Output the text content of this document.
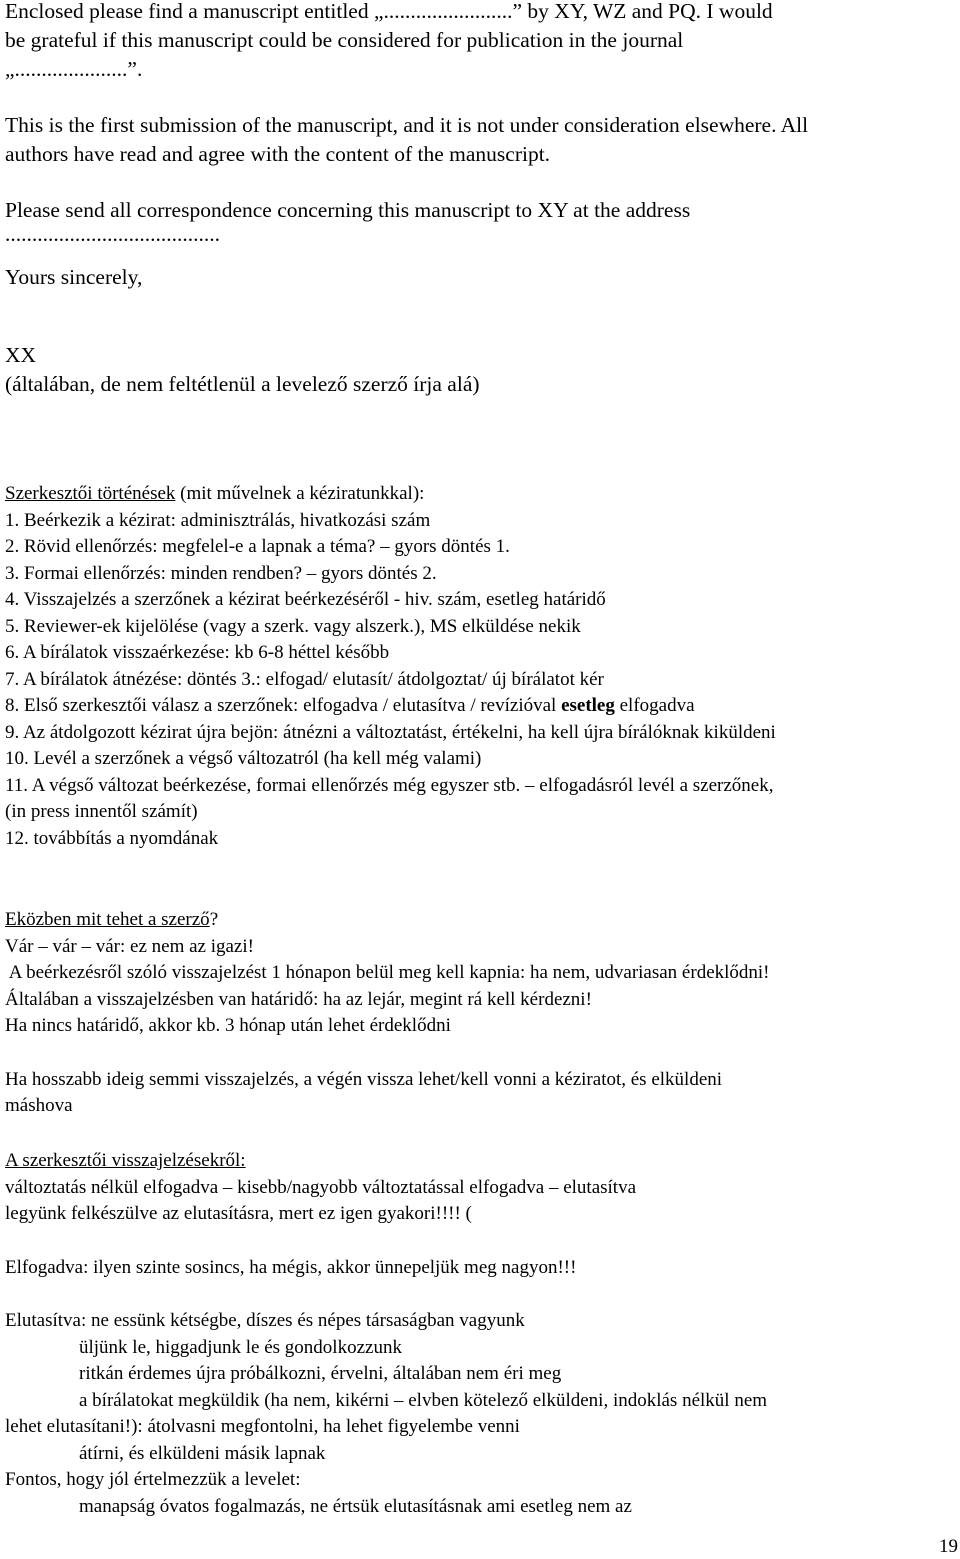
Enclosed please find a manuscript entitled „........................” by XY, WZ and PQ. I would

be grateful if this manuscript could be considered for publication in the journal

„.....................”.

This is the first submission of the manuscript, and it is not under consideration elsewhere. All

authors have read and agree with the content of the manuscript.

Please send all correspondence concerning this manuscript to XY at the address

........................................

Yours sincerely,

XX

(általában, de nem feltétlenül a levelező szerző írja alá)

Szerkesztői történések (mit művelnek a kéziratunkkal):

1. Beérkezik a kézirat: adminisztrálás, hivatkozási szám

2. Rövid ellenőrzés: megfelel-e a lapnak a téma? – gyors döntés 1.

3. Formai ellenőrzés: minden rendben? – gyors döntés 2.

4. Visszajelzés a szerzőnek a kézirat beérkezéséről - hiv. szám, esetleg határidő

5. Reviewer-ek kijelölése (vagy a szerk. vagy alszerk.), MS elküldése nekik

6. A bírálatok visszaérkezése: kb 6-8 héttel később

7. A bírálatok átnézése: döntés 3.: elfogad/ elutasít/ átdolgoztat/ új bírálatot kér

8. Első szerkesztői válasz a szerzőnek: elfogadva / elutasítva / revízióval esetleg elfogadva

9. Az átdolgozott kézirat újra bejön: átnézni a változtatást, értékelni, ha kell újra bírálóknak kiküldeni

10. Levél a szerzőnek a végső változatról (ha kell még valami)

11. A végső változat beérkezése, formai ellenőrzés még egyszer stb. – elfogadásról levél a szerzőnek,

(in press innentől számít)

12. továbbítás a nyomdának

Eközben mit tehet a szerző?

Vár – vár – vár: ez nem az igazi!

A beérkezésről szóló visszajelzést 1 hónapon belül meg kell kapnia: ha nem, udvariasan érdeklődni!

Általában a visszajelzésben van határidő: ha az lejár, megint rá kell kérdezni!

Ha nincs határidő, akkor kb. 3 hónap után lehet érdeklődni

Ha hosszabb ideig semmi visszajelzés, a végén vissza lehet/kell vonni a kéziratot, és elküldeni

máshova

A szerkesztői visszajelzésekről:

változtatás nélkül elfogadva – kisebb/nagyobb változtatással elfogadva – elutasítva

legyünk felkészülve az elutasításra, mert ez igen gyakori!!!! (

Elfogadva: ilyen szinte sosincs, ha mégis, akkor ünnepeljük meg nagyon!!!

Elutasítva: ne essünk kétségbe, díszes és népes társaságban vagyunk

üljünk le, higgadjunk le és gondolkozzunk

ritkán érdemes újra próbálkozni, érvelni, általában nem éri meg

a bírálatokat megküldik (ha nem, kikérni – elvben kötelező elküldeni, indoklás nélkül nem

lehet elutasítani!): átolvasni megfontolni, ha lehet figyelembe venni

átírni, és elküldeni másik lapnak

Fontos, hogy jól értelmezzük a levelet:

manapság óvatos fogalmazás, ne értsük elutasításnak ami esetleg nem az

19
